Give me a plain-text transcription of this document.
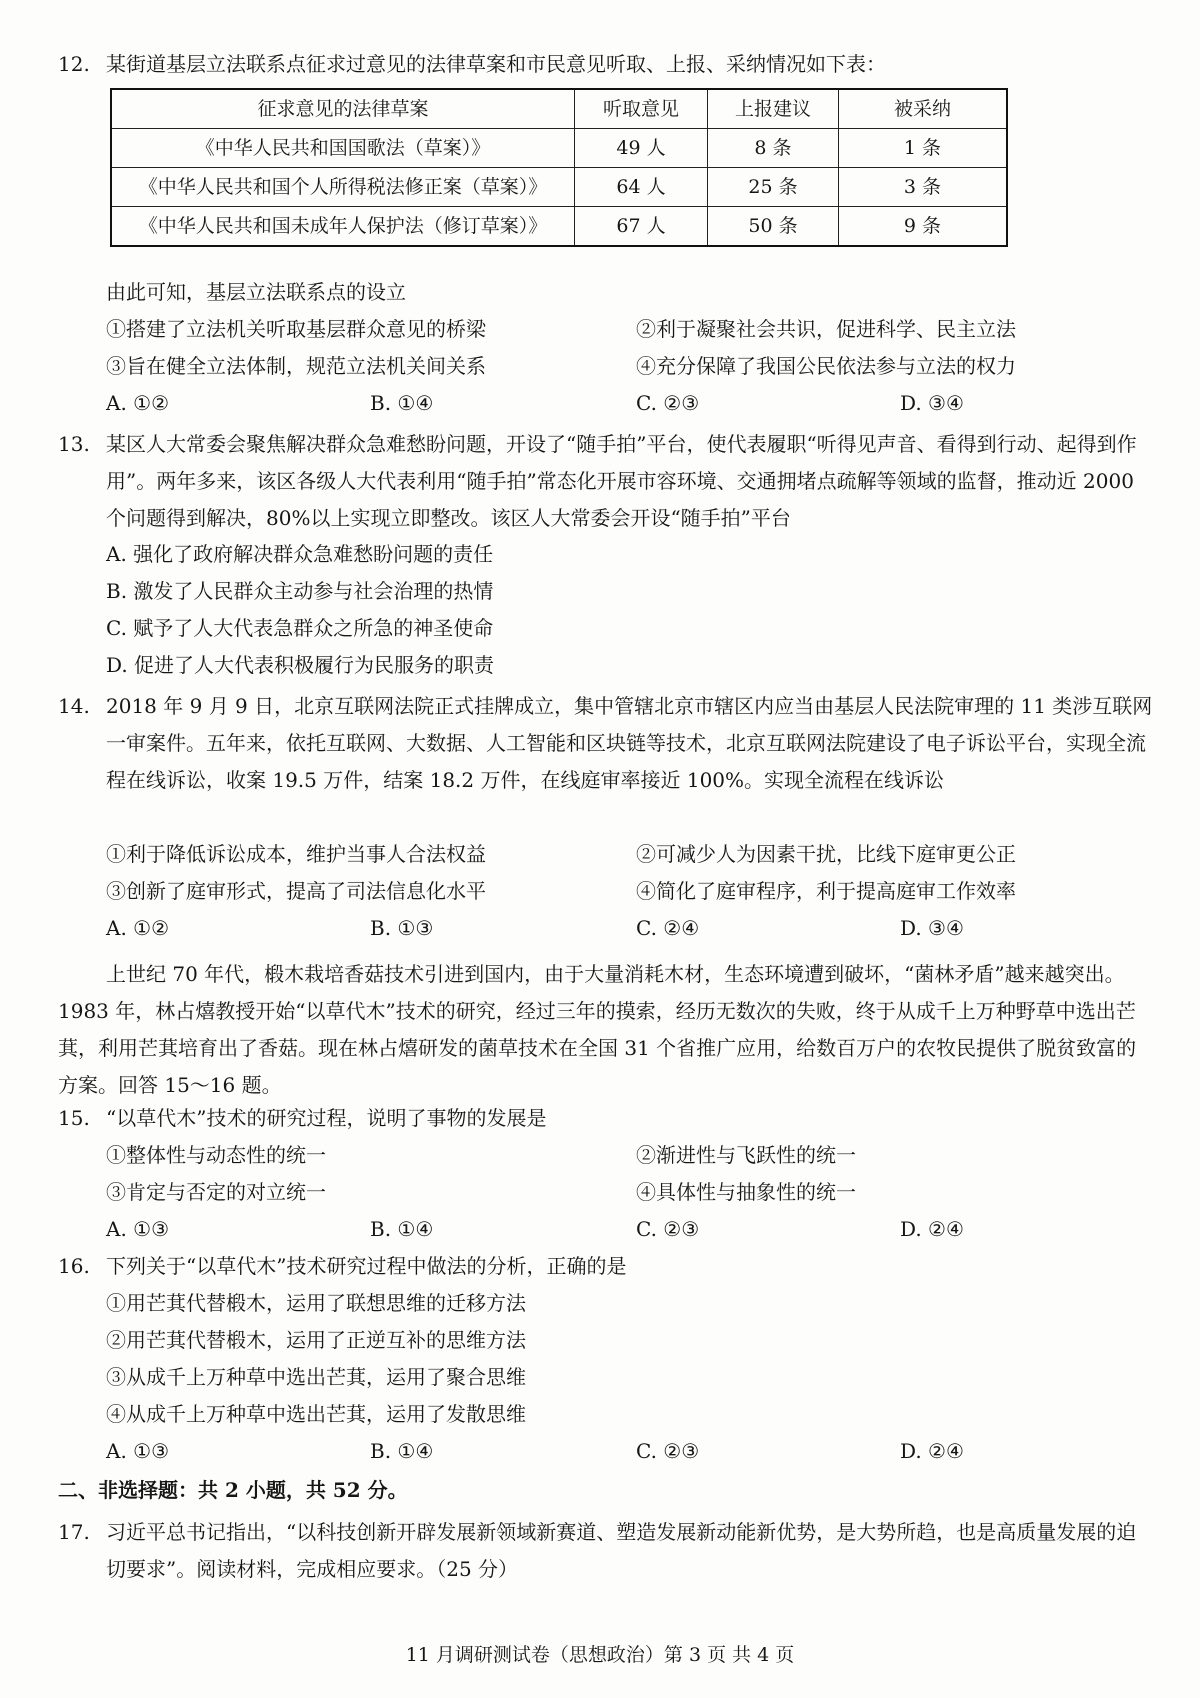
12. 某街道基层立法联系点征求过意见的法律草案和市民意见听取、上报、采纳情况如下表：
征求意见的法律草案	听取意见	上报建议	被采纳
《中华人民共和国国歌法（草案）》	49 人	8 条	1 条
《中华人民共和国个人所得税法修正案（草案）》	64 人	25 条	3 条
《中华人民共和国未成年人保护法（修订草案）》	67 人	50 条	9 条
由此可知，基层立法联系点的设立
①搭建了立法机关听取基层群众意见的桥梁	②利于凝聚社会共识，促进科学、民主立法
③旨在健全立法体制，规范立法机关间关系	④充分保障了我国公民依法参与立法的权力
A. ①②	B. ①④	C. ②③	D. ③④
13. 某区人大常委会聚焦解决群众急难愁盼问题，开设了“随手拍”平台，使代表履职“听得见声音、看得到行动、起得到作用”。两年多来，该区各级人大代表利用“随手拍”常态化开展市容环境、交通拥堵点疏解等领域的监督，推动近 2000 个问题得到解决，80%以上实现立即整改。该区人大常委会开设“随手拍”平台
A. 强化了政府解决群众急难愁盼问题的责任
B. 激发了人民群众主动参与社会治理的热情
C. 赋予了人大代表急群众之所急的神圣使命
D. 促进了人大代表积极履行为民服务的职责
14. 2018 年 9 月 9 日，北京互联网法院正式挂牌成立，集中管辖北京市辖区内应当由基层人民法院审理的 11 类涉互联网一审案件。五年来，依托互联网、大数据、人工智能和区块链等技术，北京互联网法院建设了电子诉讼平台，实现全流程在线诉讼，收案 19.5 万件，结案 18.2 万件，在线庭审率接近 100%。实现全流程在线诉讼
①利于降低诉讼成本，维护当事人合法权益	②可减少人为因素干扰，比线下庭审更公正
③创新了庭审形式，提高了司法信息化水平	④简化了庭审程序，利于提高庭审工作效率
A. ①②	B. ①③	C. ②④	D. ③④
上世纪 70 年代，椴木栽培香菇技术引进到国内，由于大量消耗木材，生态环境遭到破坏，“菌林矛盾”越来越突出。1983 年，林占熺教授开始“以草代木”技术的研究，经过三年的摸索，经历无数次的失败，终于从成千上万种野草中选出芒萁，利用芒萁培育出了香菇。现在林占熺研发的菌草技术在全国 31 个省推广应用，给数百万户的农牧民提供了脱贫致富的方案。回答 15～16 题。
15. “以草代木”技术的研究过程，说明了事物的发展是
①整体性与动态性的统一	②渐进性与飞跃性的统一
③肯定与否定的对立统一	④具体性与抽象性的统一
A. ①③	B. ①④	C. ②③	D. ②④
16. 下列关于“以草代木”技术研究过程中做法的分析，正确的是
①用芒萁代替椴木，运用了联想思维的迁移方法
②用芒萁代替椴木，运用了正逆互补的思维方法
③从成千上万种草中选出芒萁，运用了聚合思维
④从成千上万种草中选出芒萁，运用了发散思维
A. ①③	B. ①④	C. ②③	D. ②④
二、非选择题：共 2 小题，共 52 分。
17. 习近平总书记指出，“以科技创新开辟发展新领域新赛道、塑造发展新动能新优势，是大势所趋，也是高质量发展的迫切要求”。阅读材料，完成相应要求。（25 分）
11 月调研测试卷（思想政治）第 3 页 共 4 页
